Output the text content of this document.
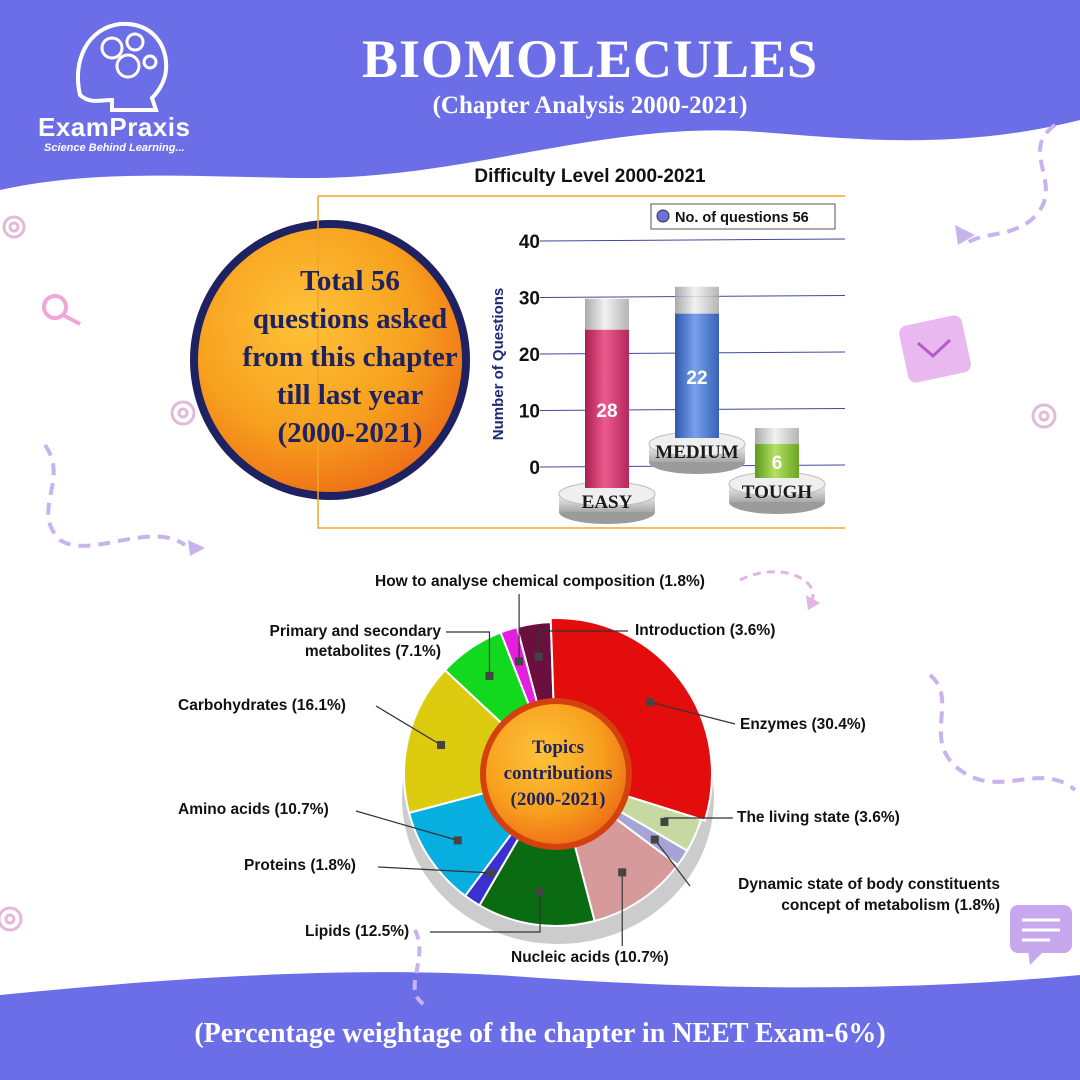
0
10
20
30
40
Number of Questions
No. of questions 56
28
EASY
22
MEDIUM
6
TOUGH
BIOMOLECULES
(Chapter Analysis 2000-2021)
ExamPraxis
Science Behind Learning...
Difficulty Level 2000-2021
Total 56
questions asked
from this chapter
till last year
(2000-2021)
Topics
contributions
(2000-2021)
How to analyse chemical composition (1.8%)
Introduction (3.6%)
Primary and secondary metabolites (7.1%)
Enzymes (30.4%)
Carbohydrates (16.1%)
The living state (3.6%)
Amino acids (10.7%)
Dynamic state of body constituents concept of metabolism (1.8%)
Proteins (1.8%)
Lipids (12.5%)
Nucleic acids (10.7%)
(Percentage weightage of the chapter in NEET Exam-6%)
